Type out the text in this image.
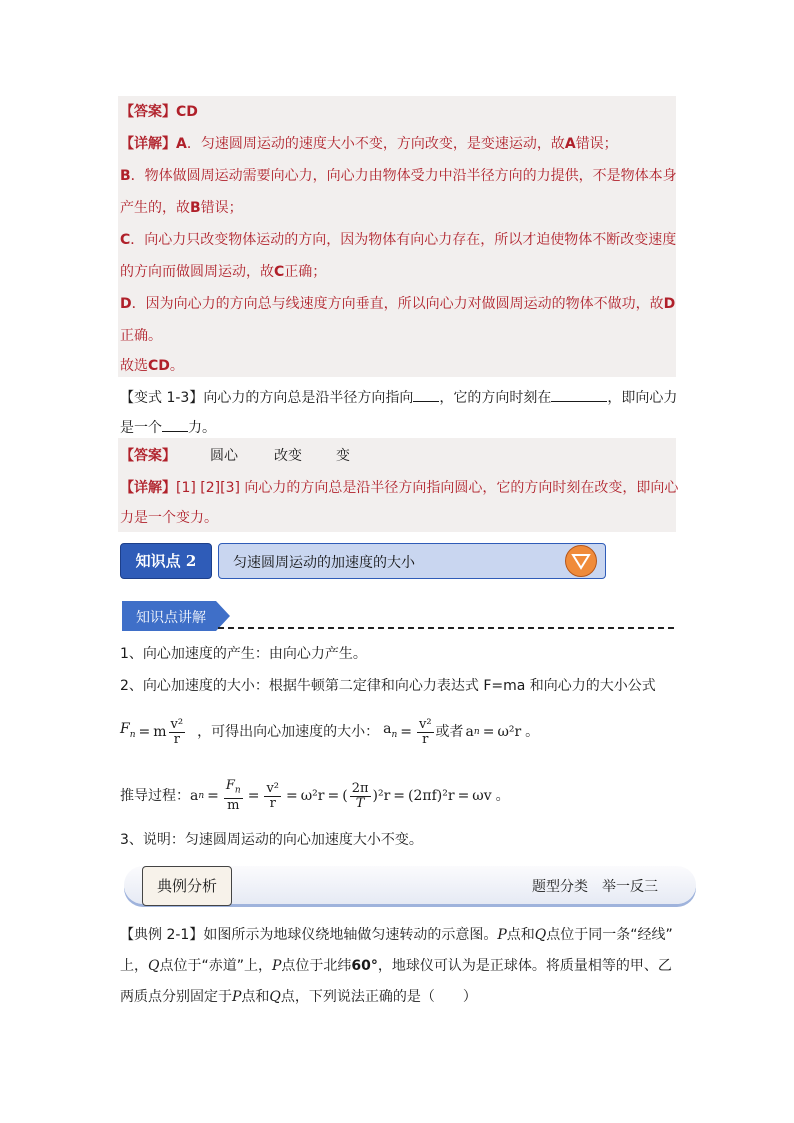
【答案】CD
【详解】A．匀速圆周运动的速度大小不变，方向改变，是变速运动，故A错误；
B．物体做圆周运动需要向心力，向心力由物体受力中沿半径方向的力提供，不是物体本身
产生的，故B错误；
C．向心力只改变物体运动的方向，因为物体有向心力存在，所以才迫使物体不断改变速度
的方向而做圆周运动，故C正确；
D．因为向心力的方向总与线速度方向垂直，所以向心力对做圆周运动的物体不做功，故D
正确。
故选CD。
【变式 1-3】向心力的方向总是沿半径方向指向 ，它的方向时刻在	，即向心力
是一个 力。
【答案】 圆心	改变 变
【详解】[1] [2][3] 向心力的方向总是沿半径方向指向圆心，它的方向时刻在改变，即向心
力是一个变力。
知识点 2	匀速圆周运动的加速度的大小
知识点讲解
1、向心加速度的产生：由向心力产生。
2、向心加速度的大小：根据牛顿第二定律和向心力表达式 F=ma 和向心力的大小公式
$F_n = m \frac{\text{v²}}{r}$ ，可得出向心加速度的大小： $a_n = \frac{\text{v²}}{r}$ 或者 a n = ω²r 。
推导过程： a $n = \frac{F_n}{m} = \frac{\text{v²}}{r} = \omega^2r$ = ( $\frac{2\pi}{T} )^2r = (2\pi f)^2r = \omega v$ 。
3、说明：匀速圆周运动的向心加速度大小不变。
典例分析	题型分类　举一反三
【典例 2-1】如图所示为地球仪绕地轴做匀速转动的示意图。P点和Q点位于同一条“经线”
上，Q点位于“赤道”上，P点位于北纬60°，地球仪可认为是正球体。将质量相等的甲、乙
两质点分别固定于P点和Q点，下列说法正确的是（　　）
